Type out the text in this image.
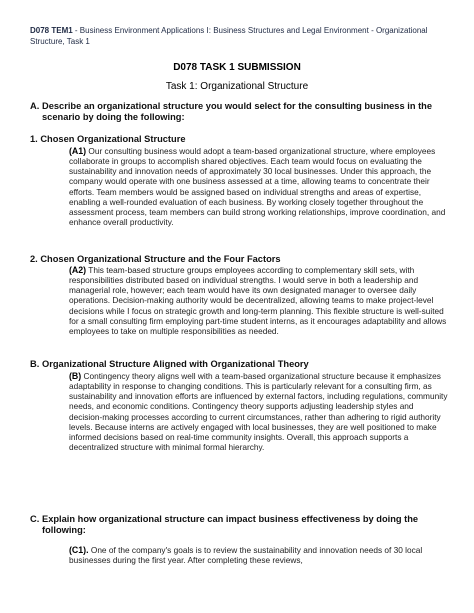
D078 TEM1 - Business Environment Applications I: Business Structures and Legal Environment - Organizational Structure, Task 1
D078 TASK 1 SUBMISSION
Task 1: Organizational Structure
A. Describe an organizational structure you would select for the consulting business in the scenario by doing the following:
1. Chosen Organizational Structure
(A1) Our consulting business would adopt a team-based organizational structure, where employees collaborate in groups to accomplish shared objectives. Each team would focus on evaluating the sustainability and innovation needs of approximately 30 local businesses. Under this approach, the company would operate with one business assessed at a time, allowing teams to concentrate their efforts. Team members would be assigned based on individual strengths and areas of expertise, enabling a well-rounded evaluation of each business. By working closely together throughout the assessment process, team members can build strong working relationships, improve coordination, and enhance overall productivity.
2. Chosen Organizational Structure and the Four Factors
(A2) This team-based structure groups employees according to complementary skill sets, with responsibilities distributed based on individual strengths. I would serve in both a leadership and managerial role, however; each team would have its own designated manager to oversee daily operations. Decision-making authority would be decentralized, allowing teams to make project-level decisions while I focus on strategic growth and long-term planning. This flexible structure is well-suited for a small consulting firm employing part-time student interns, as it encourages adaptability and allows employees to take on multiple responsibilities as needed.
B. Organizational Structure Aligned with Organizational Theory
(B) Contingency theory aligns well with a team-based organizational structure because it emphasizes adaptability in response to changing conditions. This is particularly relevant for a consulting firm, as sustainability and innovation efforts are influenced by external factors, including regulations, community needs, and economic conditions. Contingency theory supports adjusting leadership styles and decision-making processes according to current circumstances, rather than adhering to rigid authority levels. Because interns are actively engaged with local businesses, they are well positioned to make informed decisions based on real-time community insights. Overall, this approach supports a decentralized structure with minimal formal hierarchy.
C. Explain how organizational structure can impact business effectiveness by doing the following:
(C1). One of the company's goals is to review the sustainability and innovation needs of 30 local businesses during the first year. After completing these reviews,
